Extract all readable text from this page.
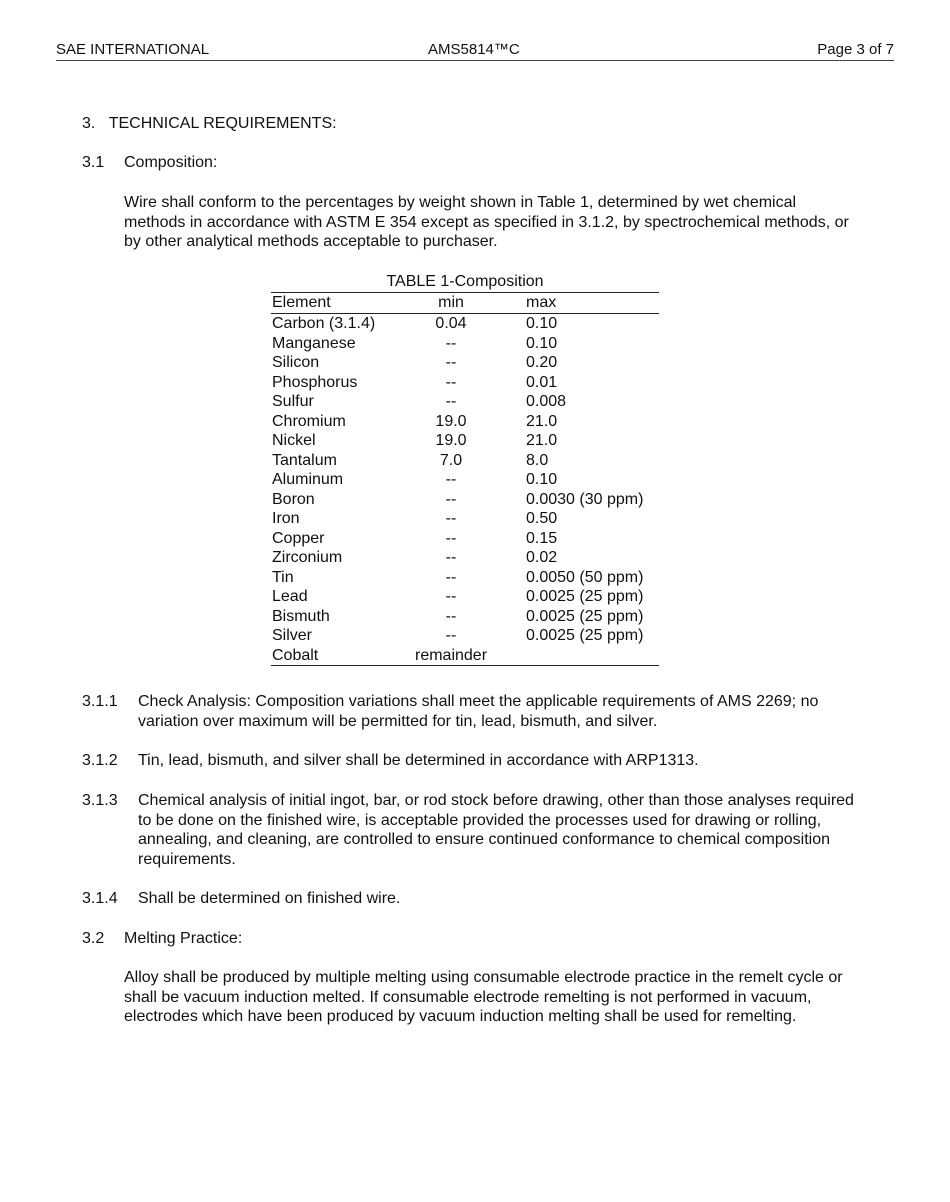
SAE INTERNATIONAL	AMS5814™C	Page 3 of 7
3. TECHNICAL REQUIREMENTS:
3.1 Composition:
Wire shall conform to the percentages by weight shown in Table 1, determined by wet chemical methods in accordance with ASTM E 354 except as specified in 3.1.2, by spectrochemical methods, or by other analytical methods acceptable to purchaser.
TABLE 1-Composition
Element	min	max
Carbon (3.1.4)	0.04	0.10
Manganese	--	0.10
Silicon	--	0.20
Phosphorus	--	0.01
Sulfur	--	0.008
Chromium	19.0	21.0
Nickel	19.0	21.0
Tantalum	7.0	8.0
Aluminum	--	0.10
Boron	--	0.0030 (30 ppm)
Iron	--	0.50
Copper	--	0.15
Zirconium	--	0.02
Tin	--	0.0050 (50 ppm)
Lead	--	0.0025 (25 ppm)
Bismuth	--	0.0025 (25 ppm)
Silver	--	0.0025 (25 ppm)
Cobalt	remainder
3.1.1 Check Analysis: Composition variations shall meet the applicable requirements of AMS 2269; no variation over maximum will be permitted for tin, lead, bismuth, and silver.
3.1.2 Tin, lead, bismuth, and silver shall be determined in accordance with ARP1313.
3.1.3 Chemical analysis of initial ingot, bar, or rod stock before drawing, other than those analyses required to be done on the finished wire, is acceptable provided the processes used for drawing or rolling, annealing, and cleaning, are controlled to ensure continued conformance to chemical composition requirements.
3.1.4 Shall be determined on finished wire.
3.2 Melting Practice:
Alloy shall be produced by multiple melting using consumable electrode practice in the remelt cycle or shall be vacuum induction melted. If consumable electrode remelting is not performed in vacuum, electrodes which have been produced by vacuum induction melting shall be used for remelting.
